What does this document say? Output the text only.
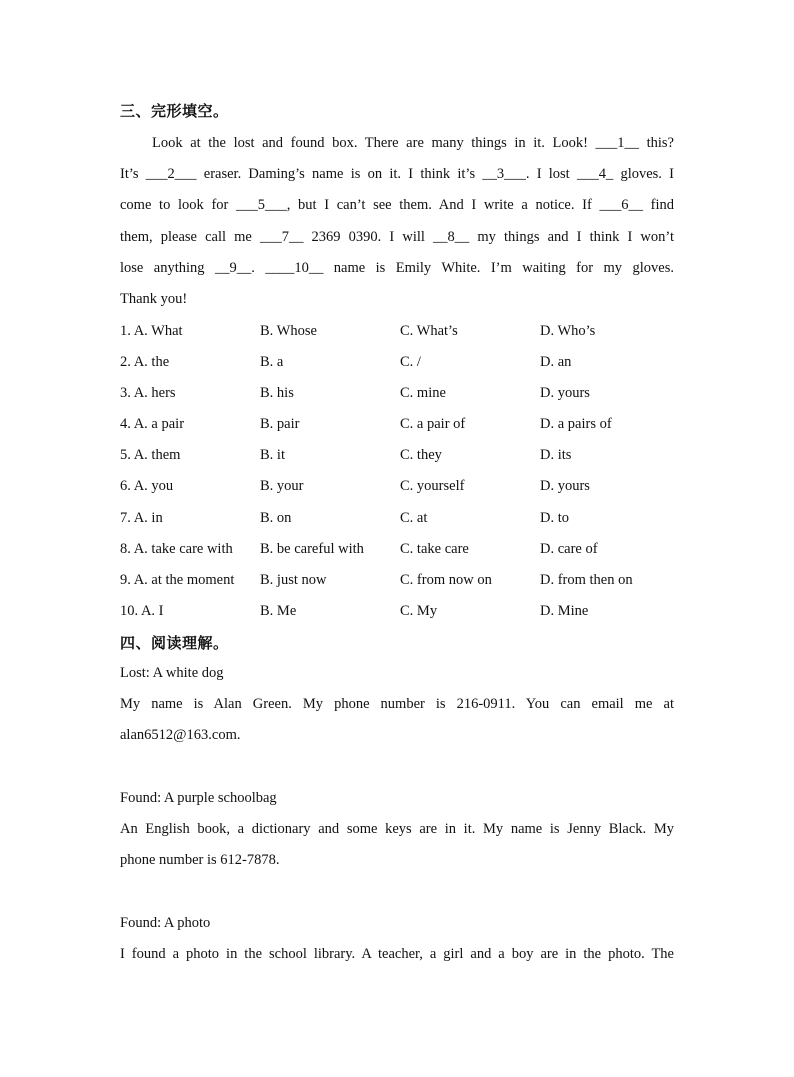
三、完形填空。
Look at the lost and found box. There are many things in it. Look! ___1__ this?
It’s ___2___ eraser. Daming’s name is on it. I think it’s __3___. I lost ___4_ gloves. I
come to look for ___5___, but I can’t see them. And I write a notice. If ___6__ find
them, please call me ___7__ 2369 0390. I will __8__ my things and I think I won’t
lose anything __9__. ____10__ name is Emily White. I’m waiting for my gloves.
Thank you!
1. A. What	B. Whose	C. What’s	D. Who’s
2. A. the	B. a	C. /	D. an
3. A. hers	B. his	C. mine	D. yours
4. A. a pair	B. pair	C. a pair of	D. a pairs of
5. A. them	B. it	C. they	D. its
6. A. you	B. your	C. yourself	D. yours
7. A. in	B. on	C. at	D. to
8. A. take care with B. be careful with C. take care	D. care of
9. A. at the moment B. just now	C. from now on	D. from then on
10. A. I	B. Me	C. My	D. Mine
四、阅读理解。
Lost: A white dog
My name is Alan Green. My phone number is 216-0911. You can email me at
alan6512@163.com.
Found: A purple schoolbag
An English book, a dictionary and some keys are in it. My name is Jenny Black. My
phone number is 612-7878.
Found: A photo
I found a photo in the school library. A teacher, a girl and a boy are in the photo. The
